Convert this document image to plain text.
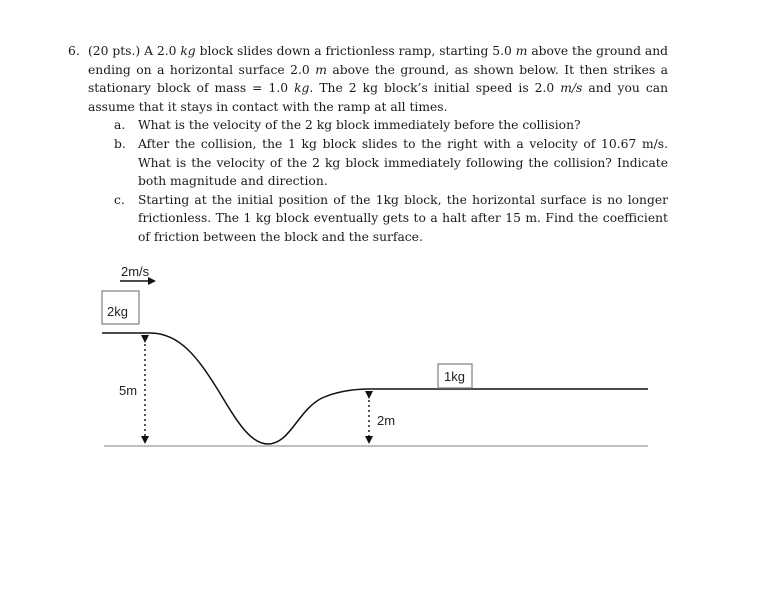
6. (20 pts.) A 2.0 kg block slides down a frictionless ramp, starting 5.0 m above the ground and ending on a horizontal surface 2.0 m above the ground, as shown below. It then strikes a stationary block of mass = 1.0 kg. The 2 kg block’s initial speed is 2.0 m/s and you can assume that it stays in contact with the ramp at all times.
a. What is the velocity of the 2 kg block immediately before the collision?
b. After the collision, the 1 kg block slides to the right with a velocity of 10.67 m/s. What is the velocity of the 2 kg block immediately following the collision? Indicate both magnitude and direction.
c. Starting at the initial position of the 1kg block, the horizontal surface is no longer frictionless. The 1 kg block eventually gets to a halt after 15 m. Find the coefficient of friction between the block and the surface.
2m/s
2kg
5m
2m
1kg
